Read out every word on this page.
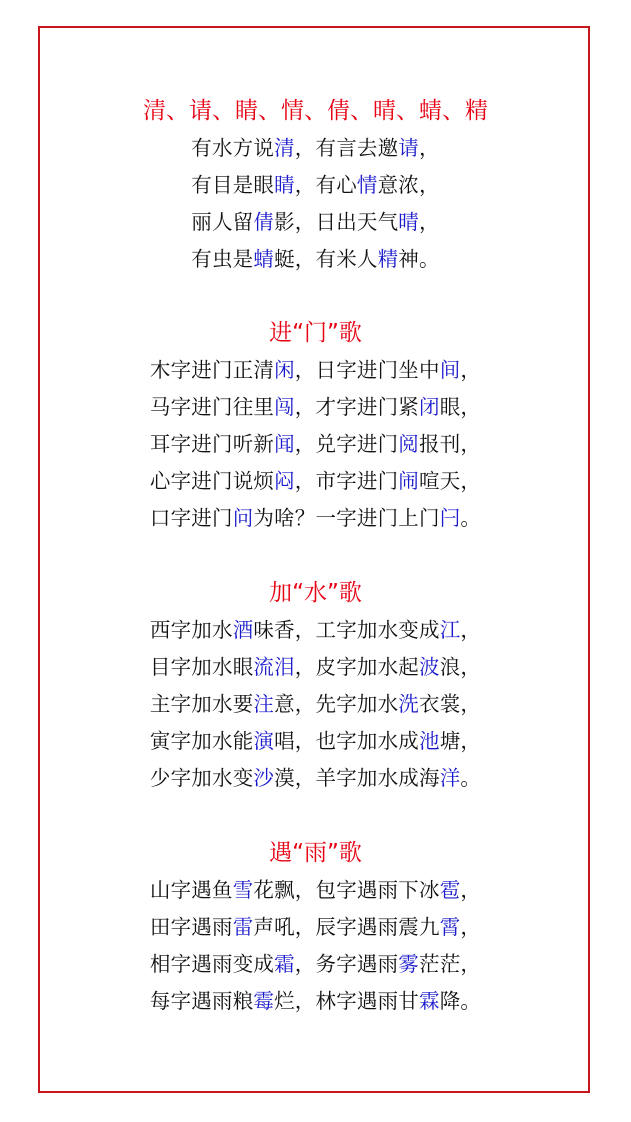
清、请、睛、情、倩、晴、蜻、精
有水方说清，有言去邀请，
有目是眼睛，有心情意浓，
丽人留倩影，日出天气晴，
有虫是蜻蜓，有米人精神。
进“门”歌
木字进门正清闲，日字进门坐中间，
马字进门往里闯，才字进门紧闭眼，
耳字进门听新闻，兑字进门阅报刊，
心字进门说烦闷，市字进门闹喧天，
口字进门问为啥？一字进门上门闩。
加“水”歌
西字加水酒味香，工字加水变成江，
目字加水眼流泪，皮字加水起波浪，
主字加水要注意，先字加水洗衣裳，
寅字加水能演唱，也字加水成池塘，
少字加水变沙漠，羊字加水成海洋。
遇“雨”歌
山字遇鱼雪花飘，包字遇雨下冰雹，
田字遇雨雷声吼，辰字遇雨震九霄，
相字遇雨变成霜，务字遇雨雾茫茫，
每字遇雨粮霉烂，林字遇雨甘霖降。
